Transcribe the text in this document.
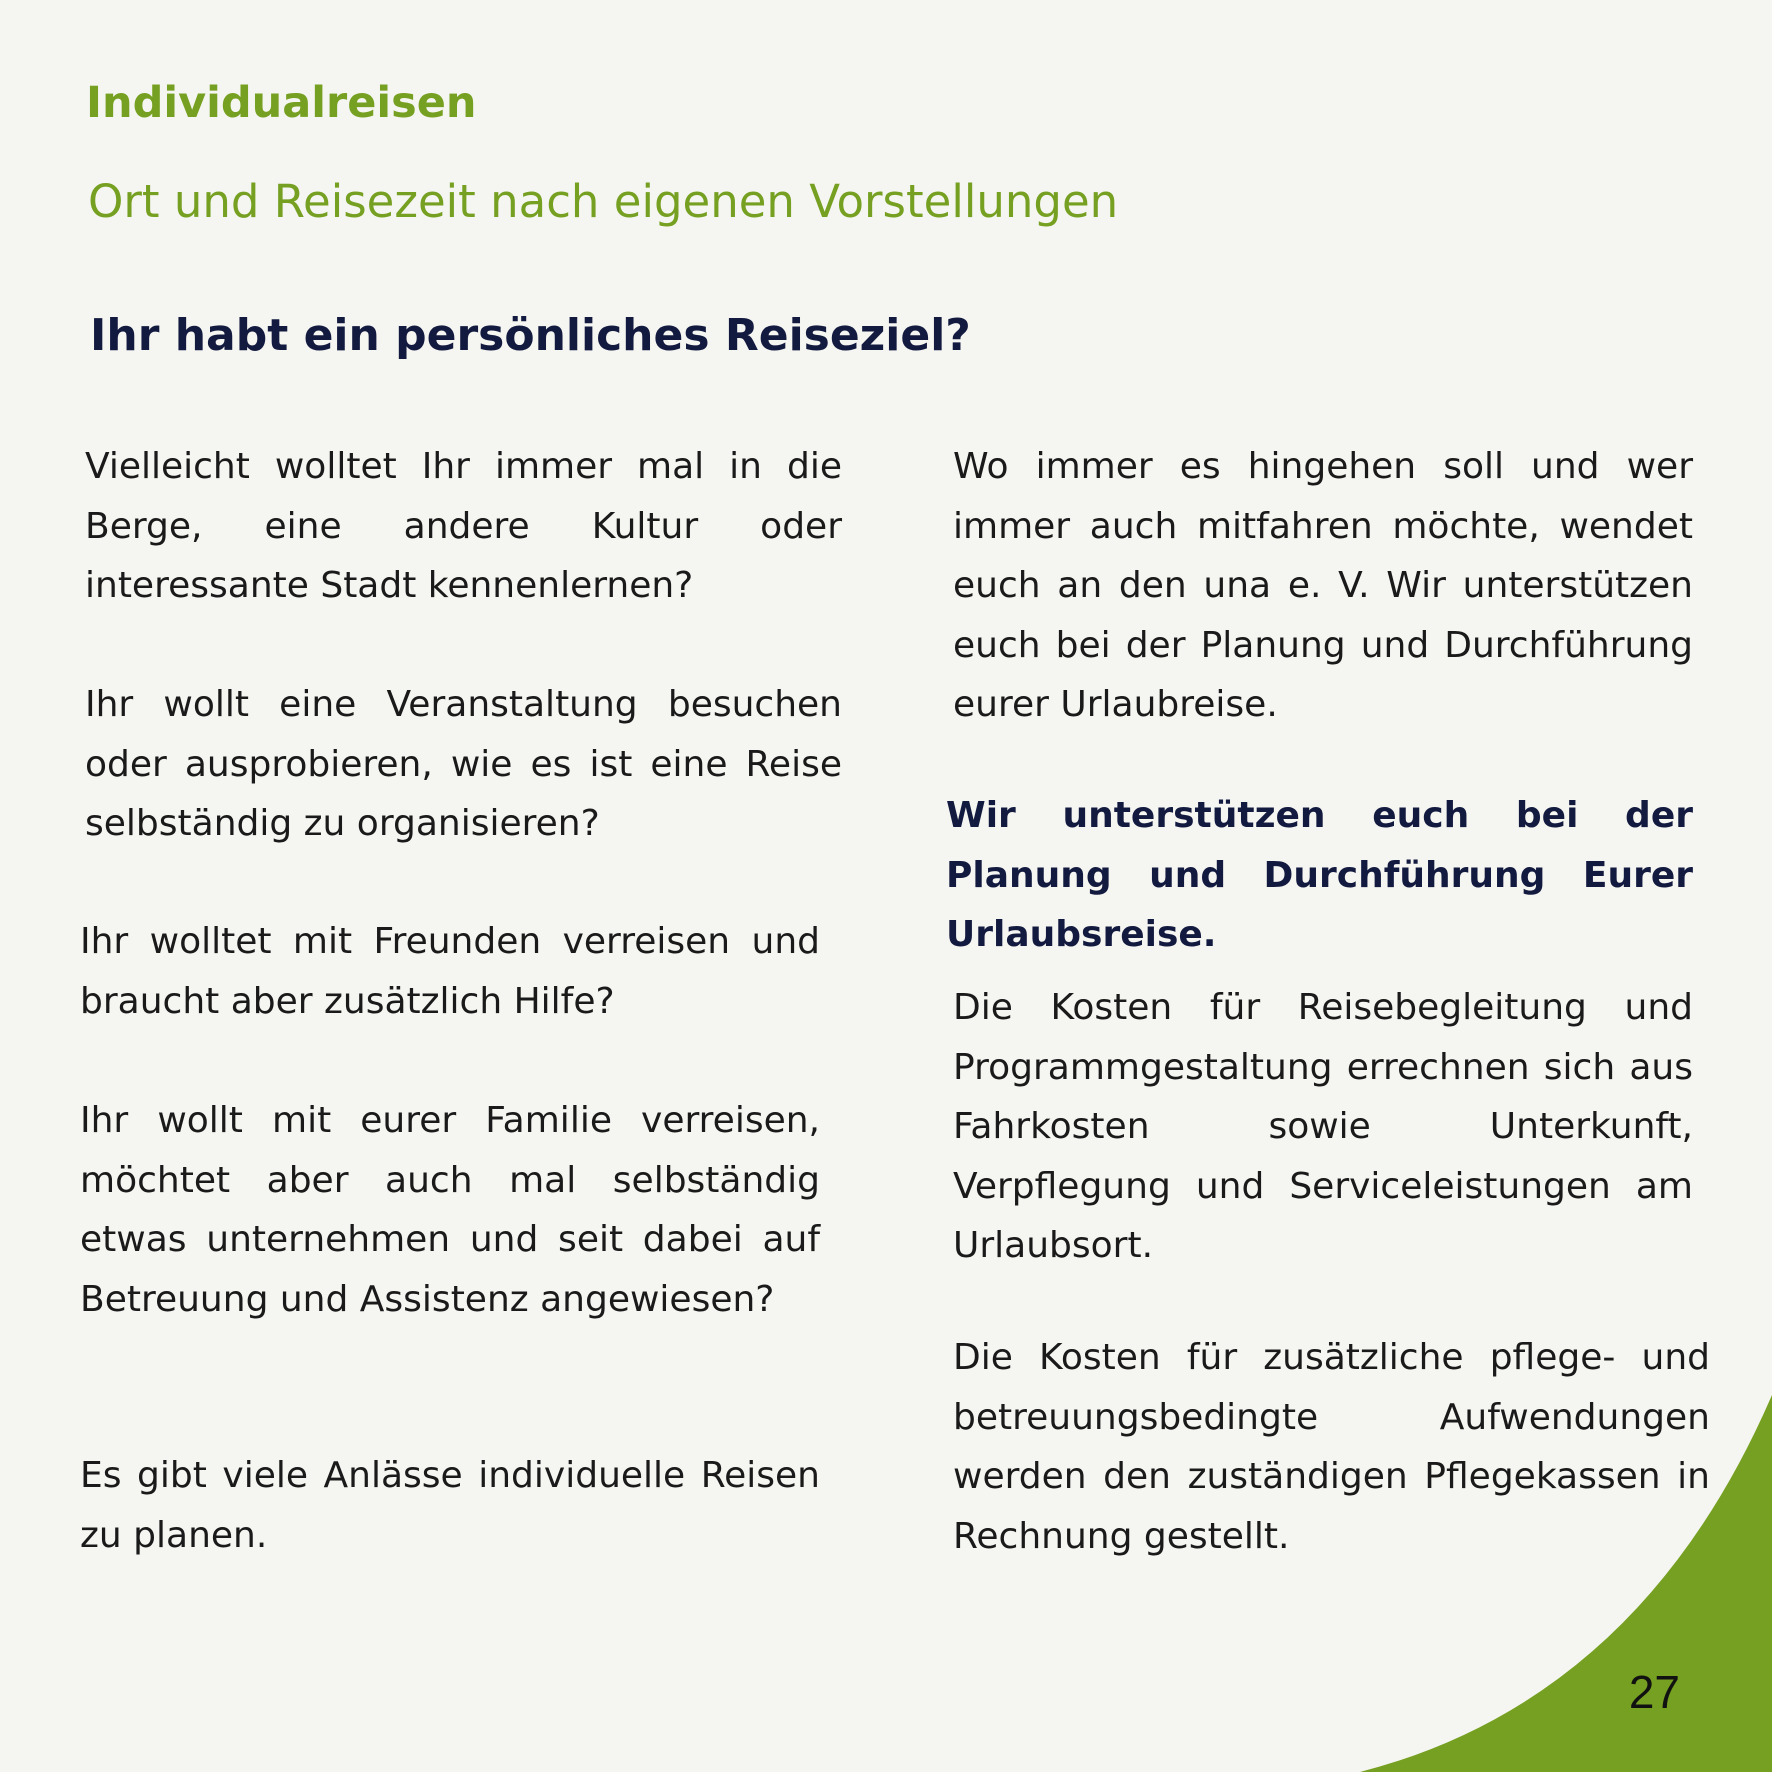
Individualreisen
Ort und Reisezeit nach eigenen Vorstellungen
Ihr habt ein persönliches Reiseziel?

Vielleicht wolltet Ihr immer mal in die Berge, eine andere Kultur oder interessante Stadt kennenlernen?

Ihr wollt eine Veranstaltung besuchen oder ausprobieren, wie es ist eine Reise selbständig zu organisieren?

Ihr wolltet mit Freunden verreisen und braucht aber zusätzlich Hilfe?

Ihr wollt mit eurer Familie verreisen, möchtet aber auch mal selbständig etwas unternehmen und seit dabei auf Betreuung und Assistenz angewiesen?

Es gibt viele Anlässe individuelle Reisen zu planen.

Wo immer es hingehen soll und wer immer auch mitfahren möchte, wendet euch an den una e. V. Wir unterstützen euch bei der Planung und Durchführung eurer Urlaubreise.

Wir unterstützen euch bei der Planung und Durchführung Eurer Urlaubsreise.

Die Kosten für Reisebegleitung und Programmgestaltung errechnen sich aus Fahrkosten sowie Unterkunft, Verpflegung und Serviceleistungen am Urlaubsort.

Die Kosten für zusätzliche pflege- und betreuungsbedingte Aufwendungen werden den zuständigen Pflegekassen in Rechnung gestellt.

27
